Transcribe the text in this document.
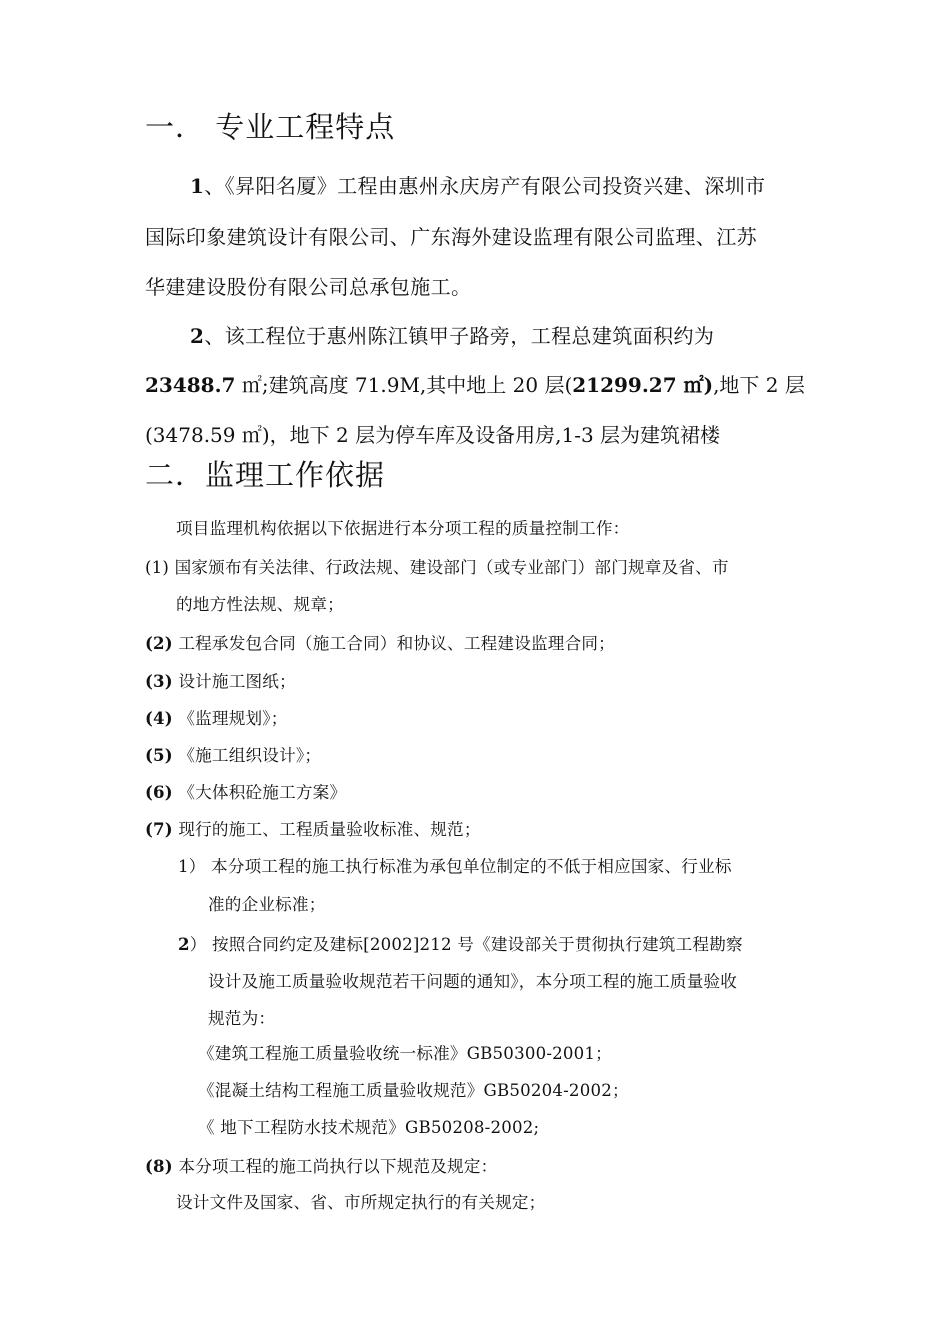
一． 专业工程特点
1、《昇阳名厦》工程由惠州永庆房产有限公司投资兴建、深圳市
国际印象建筑设计有限公司、广东海外建设监理有限公司监理、江苏
华建建设股份有限公司总承包施工。
2、该工程位于惠州陈江镇甲子路旁，工程总建筑面积约为
23488.7 ㎡;建筑高度 71.9M,其中地上 20 层(21299.27 ㎡),地下 2 层
(3478.59 ㎡)，地下 2 层为停车库及设备用房,1-3 层为建筑裙楼
二．监理工作依据
项目监理机构依据以下依据进行本分项工程的质量控制工作：
(1) 国家颁布有关法律、行政法规、建设部门（或专业部门）部门规章及省、市
的地方性法规、规章；
(2) 工程承发包合同（施工合同）和协议、工程建设监理合同；
(3) 设计施工图纸；
(4) 《监理规划》；
(5) 《施工组织设计》；
(6) 《大体积砼施工方案》
(7) 现行的施工、工程质量验收标准、规范；
1） 本分项工程的施工执行标准为承包单位制定的不低于相应国家、行业标
准的企业标准；
2） 按照合同约定及建标[2002]212 号《建设部关于贯彻执行建筑工程勘察
设计及施工质量验收规范若干问题的通知》，本分项工程的施工质量验收
规范为：
《建筑工程施工质量验收统一标准》GB50300-2001；
《混凝土结构工程施工质量验收规范》GB50204-2002；
《 地下工程防水技术规范》GB50208-2002;
(8) 本分项工程的施工尚执行以下规范及规定：
设计文件及国家、省、市所规定执行的有关规定；
